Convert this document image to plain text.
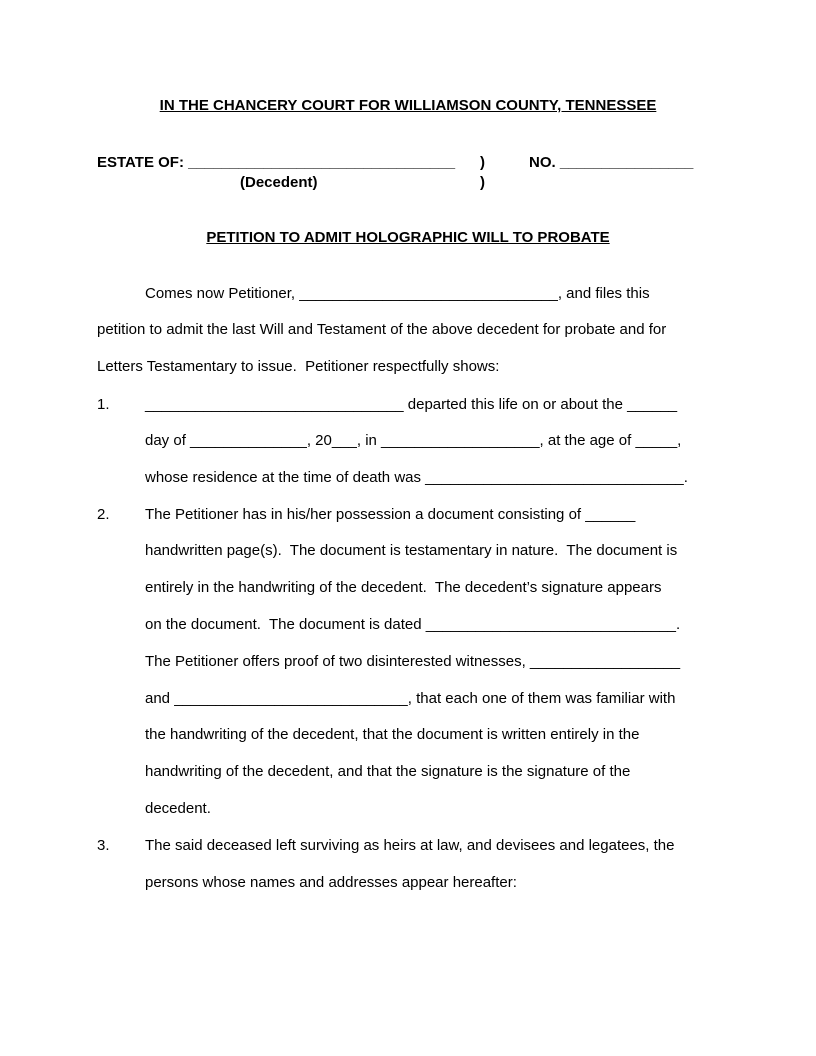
IN THE CHANCERY COURT FOR WILLIAMSON COUNTY, TENNESSEE
ESTATE OF: ________________________________ )	NO. ________________
(Decedent)	)
PETITION TO ADMIT HOLOGRAPHIC WILL TO PROBATE
Comes now Petitioner, _______________________________, and files this
petition to admit the last Will and Testament of the above decedent for probate and for
Letters Testamentary to issue.  Petitioner respectfully shows:
1. _______________________________ departed this life on or about the ______
day of ______________, 20___, in ___________________, at the age of _____,
whose residence at the time of death was _______________________________.
2. The Petitioner has in his/her possession a document consisting of ______
handwritten page(s).  The document is testamentary in nature.  The document is
entirely in the handwriting of the decedent.  The decedent’s signature appears
on the document.  The document is dated ______________________________.
The Petitioner offers proof of two disinterested witnesses, __________________
and ____________________________, that each one of them was familiar with
the handwriting of the decedent, that the document is written entirely in the
handwriting of the decedent, and that the signature is the signature of the
decedent.
3. The said deceased left surviving as heirs at law, and devisees and legatees, the
persons whose names and addresses appear hereafter:
